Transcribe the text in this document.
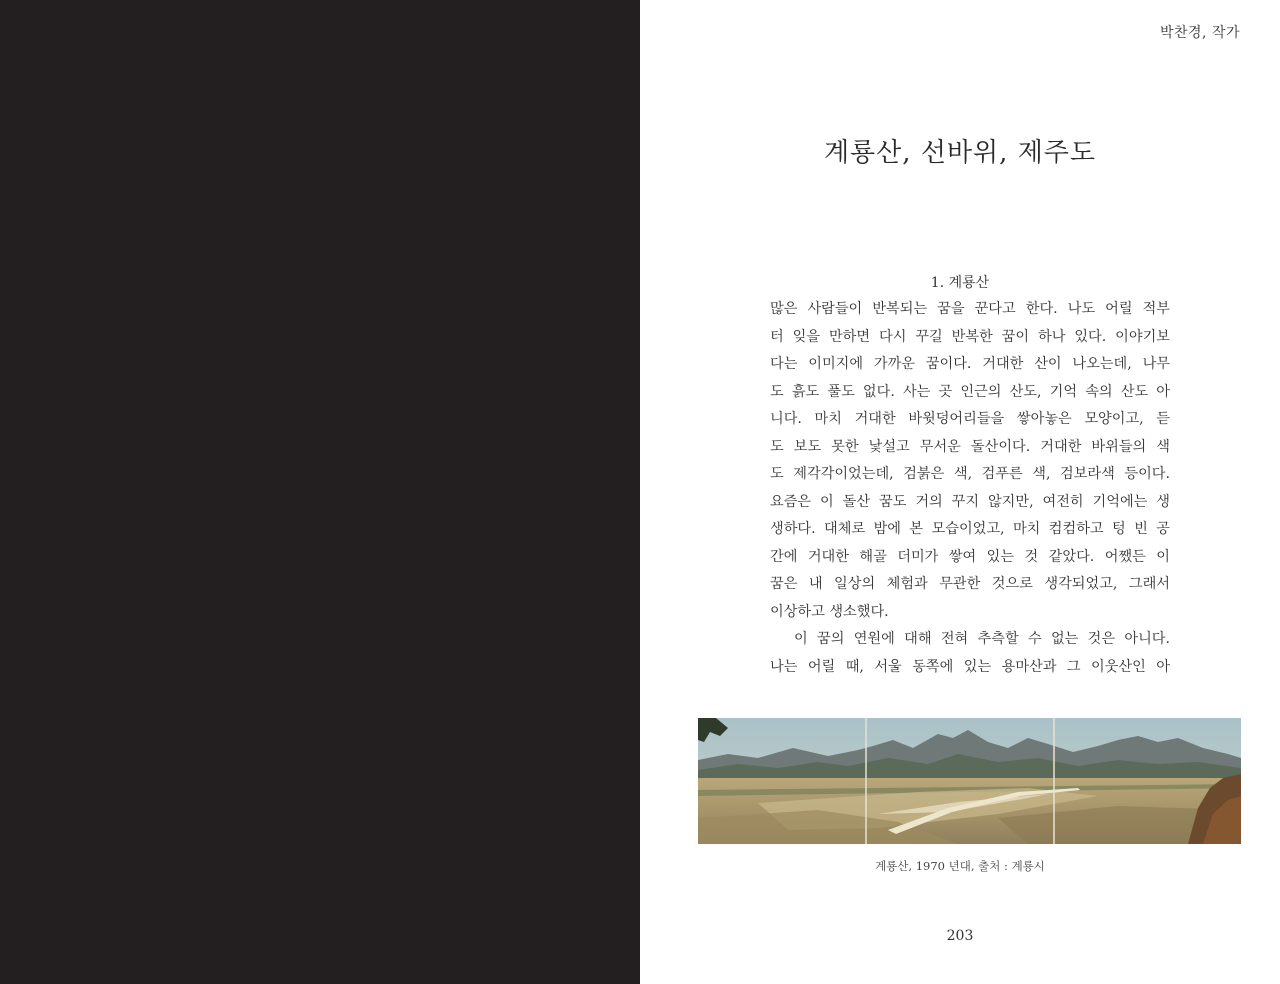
박찬경, 작가
계룡산, 선바위, 제주도
1. 계룡산
많은 사람들이 반복되는 꿈을 꾼다고 한다. 나도 어릴 적부
터 잊을 만하면 다시 꾸길 반복한 꿈이 하나 있다. 이야기보
다는 이미지에 가까운 꿈이다. 거대한 산이 나오는데, 나무
도 흙도 풀도 없다. 사는 곳 인근의 산도, 기억 속의 산도 아
니다. 마치 거대한 바윗덩어리들을 쌓아놓은 모양이고, 듣
도 보도 못한 낯설고 무서운 돌산이다. 거대한 바위들의 색
도 제각각이었는데, 검붉은 색, 검푸른 색, 검보라색 등이다.
요즘은 이 돌산 꿈도 거의 꾸지 않지만, 여전히 기억에는 생
생하다. 대체로 밤에 본 모습이었고, 마치 컴컴하고 텅 빈 공
간에 거대한 해골 더미가 쌓여 있는 것 같았다. 어쨌든 이
꿈은 내 일상의 체험과 무관한 것으로 생각되었고, 그래서
이상하고 생소했다.
이 꿈의 연원에 대해 전혀 추측할 수 없는 것은 아니다.
나는 어릴 때, 서울 동쪽에 있는 용마산과 그 이웃산인 아
계룡산, 1970 년대, 출처 : 계룡시
203
